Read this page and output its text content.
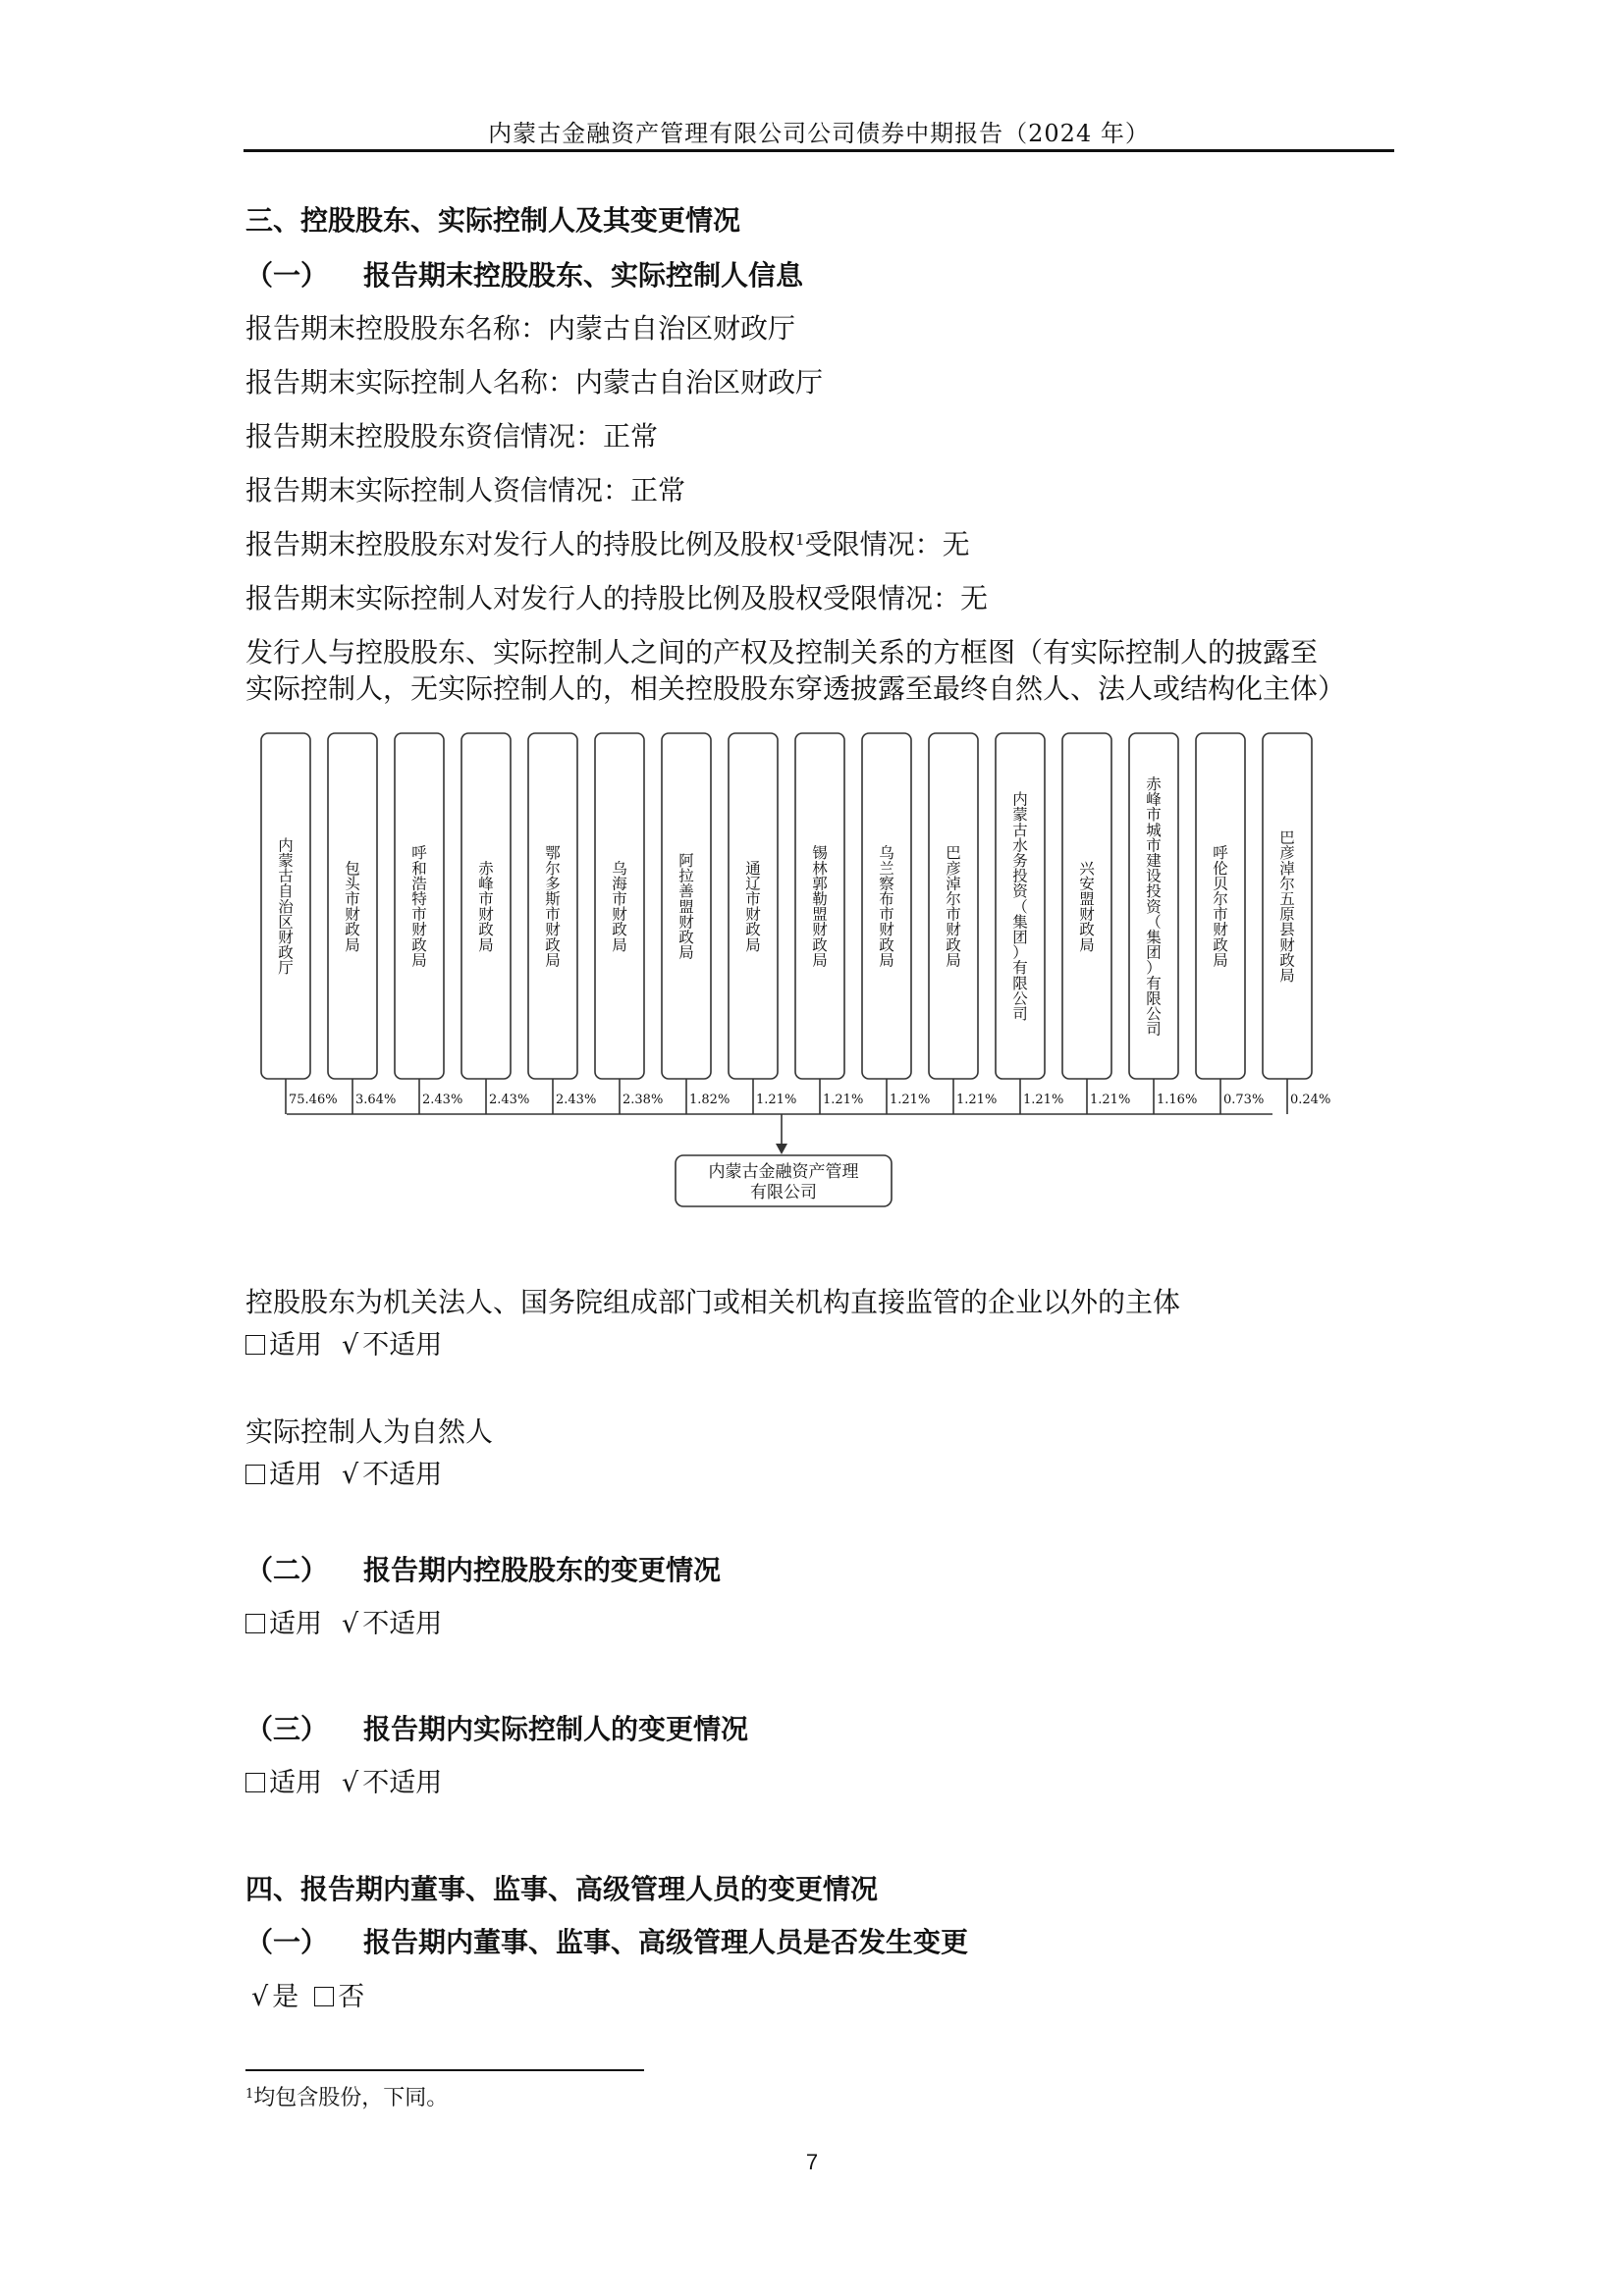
内蒙古金融资产管理有限公司公司债券中期报告（2024 年）
三、控股股东、实际控制人及其变更情况
（一） 报告期末控股股东、实际控制人信息
报告期末控股股东名称：内蒙古自治区财政厅
报告期末实际控制人名称：内蒙古自治区财政厅
报告期末控股股东资信情况：正常
报告期末实际控制人资信情况：正常
报告期末控股股东对发行人的持股比例及股权$^1$受限情况：无
报告期末实际控制人对发行人的持股比例及股权受限情况：无
发行人与控股股东、实际控制人之间的产权及控制关系的方框图（有实际控制人的披露至
实际控制人，无实际控制人的，相关控股股东穿透披露至最终自然人、法人或结构化主体）
内蒙古自治区财政厅
75.46%
包头市财政局
3.64%
呼和浩特市财政局
2.43%
赤峰市财政局
2.43%
鄂尔多斯市财政局
2.43%
乌海市财政局
2.38%
阿拉善盟财政局
1.82%
通辽市财政局
1.21%
锡林郭勒盟财政局
1.21%
乌兰察布市财政局
1.21%
巴彦淖尔市财政局
1.21%
内蒙古水务投资（集团）有限公司
1.21%
兴安盟财政局
1.21%
赤峰市城市建设投资（集团）有限公司
1.16%
呼伦贝尔市财政局
0.73%
巴彦淖尔五原县财政局
0.24%
内蒙古金融资产管理
有限公司
控股股东为机关法人、国务院组成部门或相关机构直接监管的企业以外的主体
适用 √ 不适用
实际控制人为自然人
适用 √ 不适用
（二） 报告期内控股股东的变更情况
适用 √ 不适用
（三） 报告期内实际控制人的变更情况
适用 √ 不适用
四、报告期内董事、监事、高级管理人员的变更情况
（一） 报告期内董事、监事、高级管理人员是否发生变更
√ 是 否
$^1$均包含股份，下同。
7
